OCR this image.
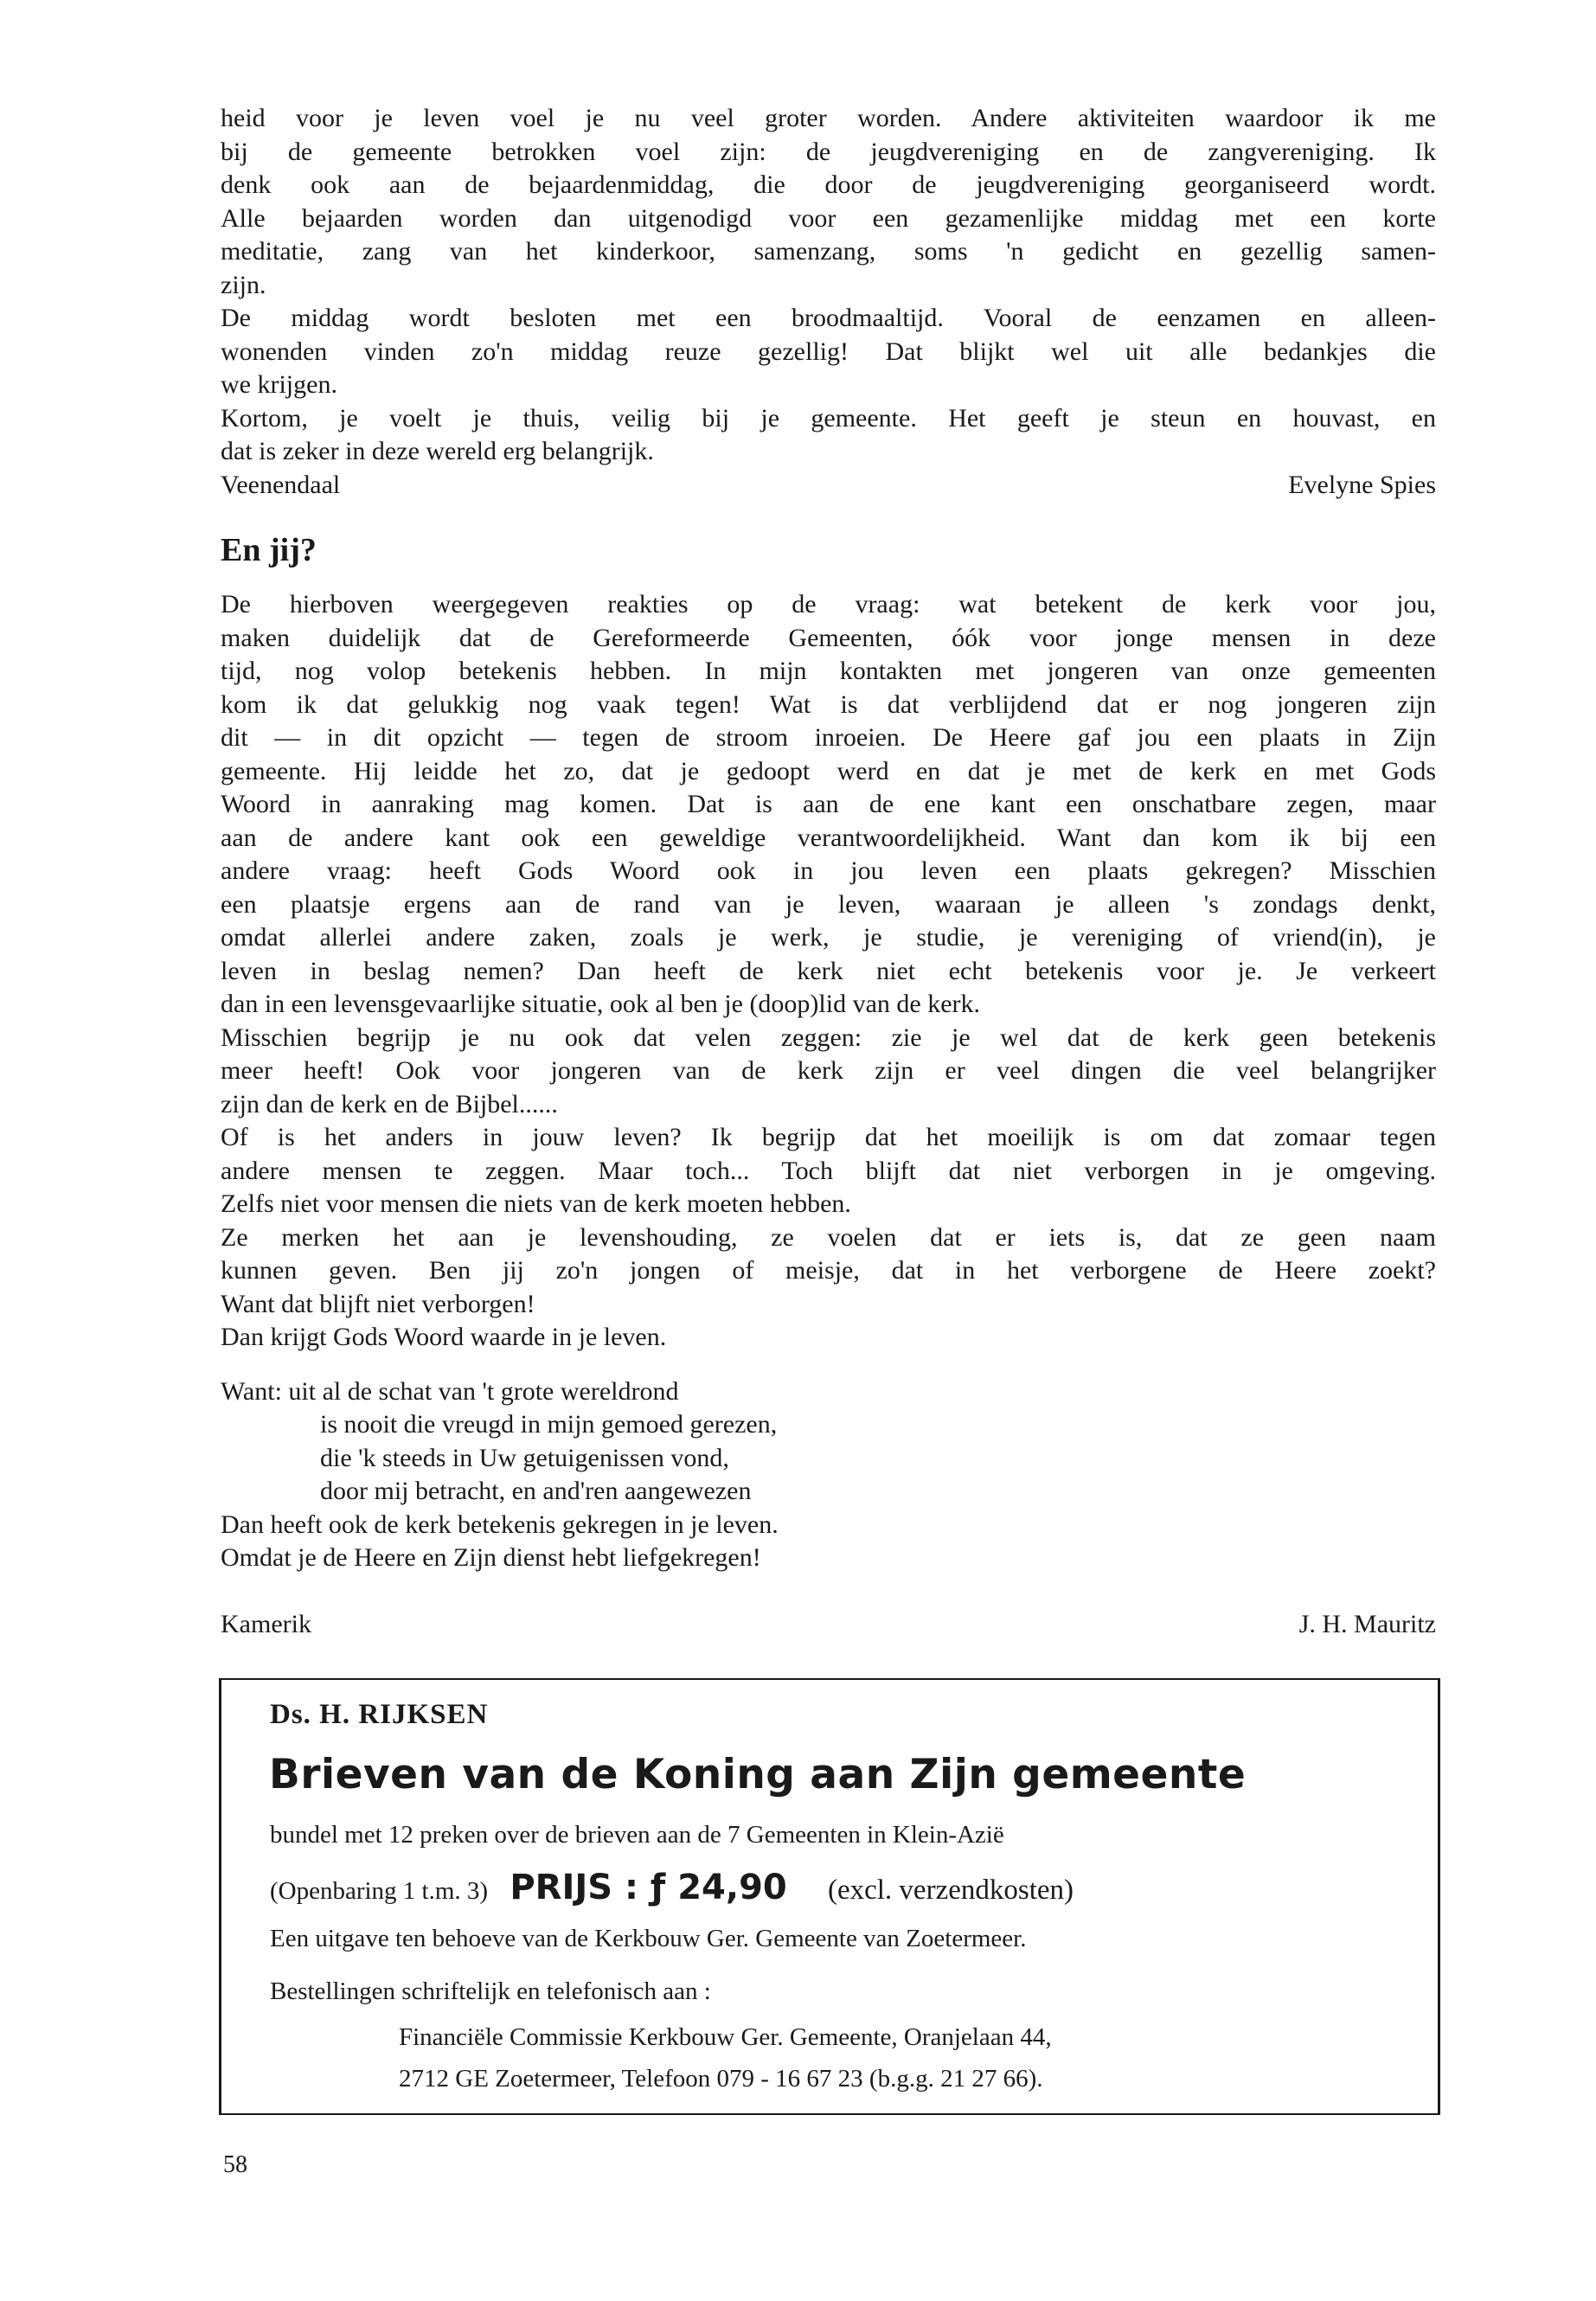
heid voor je leven voel je nu veel groter worden. Andere aktiviteiten waardoor ik me
bij de gemeente betrokken voel zijn: de jeugdvereniging en de zangvereniging. Ik
denk ook aan de bejaardenmiddag, die door de jeugdvereniging georganiseerd wordt.
Alle bejaarden worden dan uitgenodigd voor een gezamenlijke middag met een korte
meditatie, zang van het kinderkoor, samenzang, soms 'n gedicht en gezellig samen-
zijn.
De middag wordt besloten met een broodmaaltijd. Vooral de eenzamen en alleen-
wonenden vinden zo'n middag reuze gezellig! Dat blijkt wel uit alle bedankjes die
we krijgen.
Kortom, je voelt je thuis, veilig bij je gemeente. Het geeft je steun en houvast, en
dat is zeker in deze wereld erg belangrijk.
Veenendaal	Evelyne Spies
En jij?
De hierboven weergegeven reakties op de vraag: wat betekent de kerk voor jou,
maken duidelijk dat de Gereformeerde Gemeenten, óók voor jonge mensen in deze
tijd, nog volop betekenis hebben. In mijn kontakten met jongeren van onze gemeenten
kom ik dat gelukkig nog vaak tegen! Wat is dat verblijdend dat er nog jongeren zijn
dit — in dit opzicht — tegen de stroom inroeien. De Heere gaf jou een plaats in Zijn
gemeente. Hij leidde het zo, dat je gedoopt werd en dat je met de kerk en met Gods
Woord in aanraking mag komen. Dat is aan de ene kant een onschatbare zegen, maar
aan de andere kant ook een geweldige verantwoordelijkheid. Want dan kom ik bij een
andere vraag: heeft Gods Woord ook in jou leven een plaats gekregen? Misschien
een plaatsje ergens aan de rand van je leven, waaraan je alleen 's zondags denkt,
omdat allerlei andere zaken, zoals je werk, je studie, je vereniging of vriend(in), je
leven in beslag nemen? Dan heeft de kerk niet echt betekenis voor je. Je verkeert
dan in een levensgevaarlijke situatie, ook al ben je (doop)lid van de kerk.
Misschien begrijp je nu ook dat velen zeggen: zie je wel dat de kerk geen betekenis
meer heeft! Ook voor jongeren van de kerk zijn er veel dingen die veel belangrijker
zijn dan de kerk en de Bijbel......
Of is het anders in jouw leven? Ik begrijp dat het moeilijk is om dat zomaar tegen
andere mensen te zeggen. Maar toch... Toch blijft dat niet verborgen in je omgeving.
Zelfs niet voor mensen die niets van de kerk moeten hebben.
Ze merken het aan je levenshouding, ze voelen dat er iets is, dat ze geen naam
kunnen geven. Ben jij zo'n jongen of meisje, dat in het verborgene de Heere zoekt?
Want dat blijft niet verborgen!
Dan krijgt Gods Woord waarde in je leven.
Want: uit al de schat van 't grote wereldrond
is nooit die vreugd in mijn gemoed gerezen,
die 'k steeds in Uw getuigenissen vond,
door mij betracht, en and'ren aangewezen
Dan heeft ook de kerk betekenis gekregen in je leven.
Omdat je de Heere en Zijn dienst hebt liefgekregen!
Kamerik	J. H. Mauritz
Ds. H. RIJKSEN
Brieven van de Koning aan Zijn gemeente
bundel met 12 preken over de brieven aan de 7 Gemeenten in Klein-Azië
(Openbaring 1 t.m. 3) PRIJS : ƒ 24,90 (excl. verzendkosten)
Een uitgave ten behoeve van de Kerkbouw Ger. Gemeente van Zoetermeer.
Bestellingen schriftelijk en telefonisch aan :
Financiële Commissie Kerkbouw Ger. Gemeente, Oranjelaan 44,
2712 GE Zoetermeer, Telefoon 079 - 16 67 23 (b.g.g. 21 27 66).
58
